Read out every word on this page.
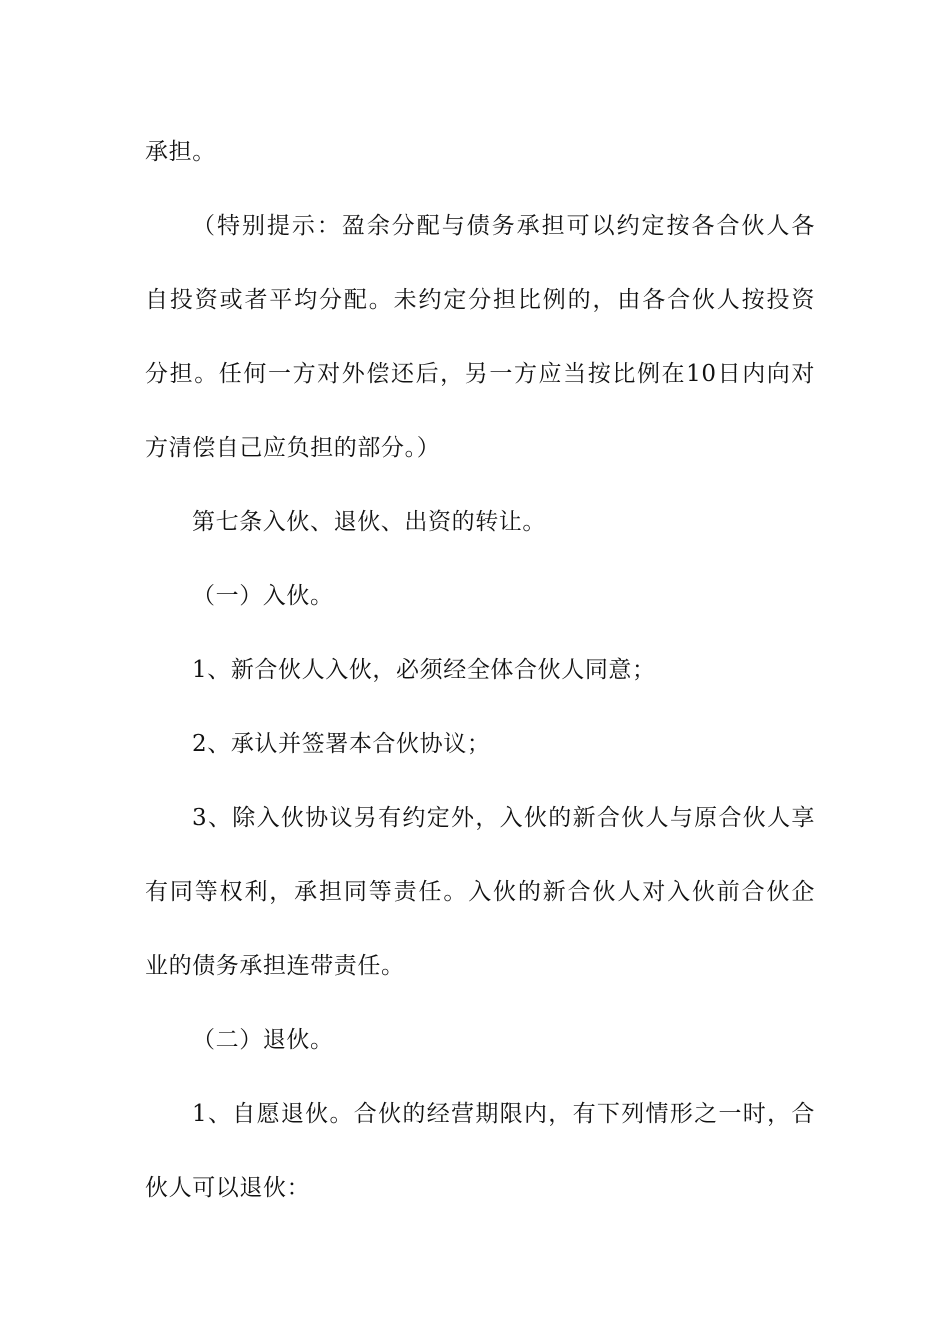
承担。
（特别提示：盈余分配与债务承担可以约定按各合伙人各
自投资或者平均分配。未约定分担比例的，由各合伙人按投资
分担。任何一方对外偿还后，另一方应当按比例在10日内向对
方清偿自己应负担的部分。）
第七条入伙、退伙、出资的转让。
（一）入伙。
1、新合伙人入伙，必须经全体合伙人同意；
2、承认并签署本合伙协议；
3、除入伙协议另有约定外，入伙的新合伙人与原合伙人享
有同等权利，承担同等责任。入伙的新合伙人对入伙前合伙企
业的债务承担连带责任。
（二）退伙。
1、自愿退伙。合伙的经营期限内，有下列情形之一时，合
伙人可以退伙：
